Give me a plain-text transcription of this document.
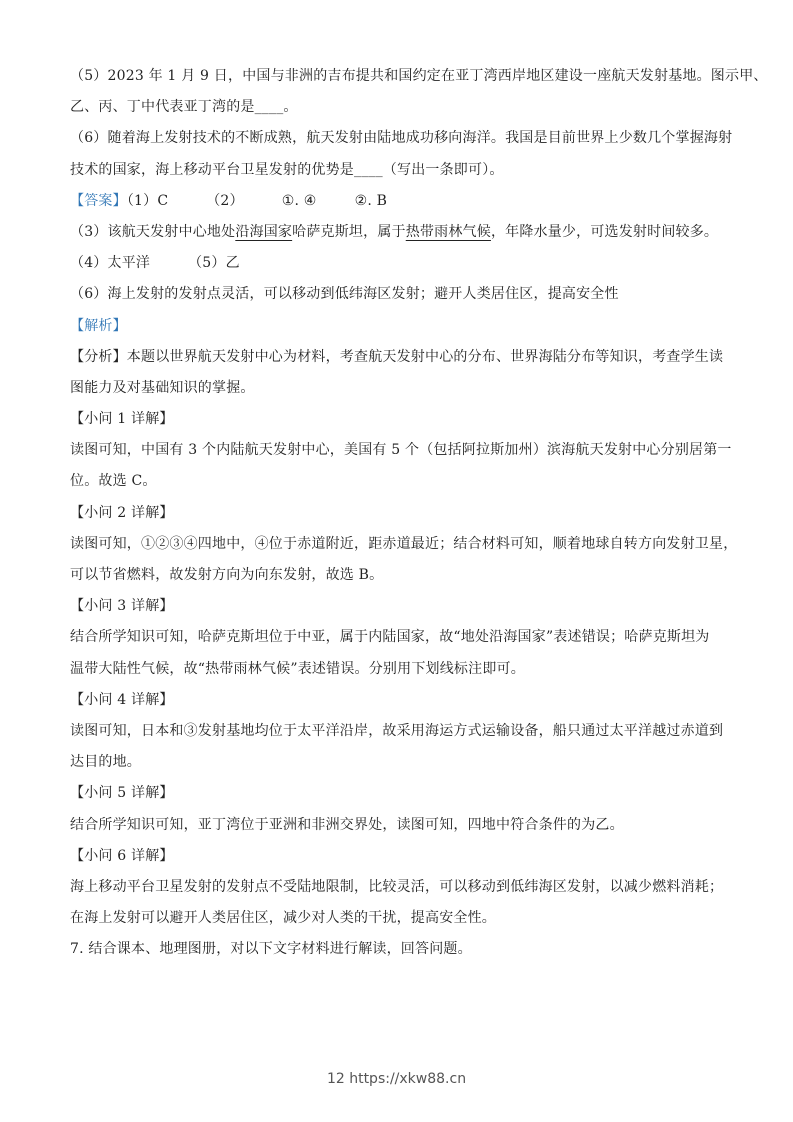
（5）2023 年 1 月 9 日，中国与非洲的吉布提共和国约定在亚丁湾西岸地区建设一座航天发射基地。图示甲、
乙、丙、丁中代表亚丁湾的是____。
（6）随着海上发射技术的不断成熟，航天发射由陆地成功移向海洋。我国是目前世界上少数几个掌握海射
技术的国家，海上移动平台卫星发射的优势是____（写出一条即可）。
【答案】（1）C	（2）	①. ④	②. B
（3）该航天发射中心地处沿海国家哈萨克斯坦，属于热带雨林气候，年降水量少，可选发射时间较多。
（4）太平洋	（5）乙
（6）海上发射的发射点灵活，可以移动到低纬海区发射；避开人类居住区，提高安全性
【解析】
【分析】本题以世界航天发射中心为材料，考查航天发射中心的分布、世界海陆分布等知识，考查学生读
图能力及对基础知识的掌握。
【小问 1 详解】
读图可知，中国有 3 个内陆航天发射中心，美国有 5 个（包括阿拉斯加州）滨海航天发射中心分别居第一
位。故选 C。
【小问 2 详解】
读图可知，①②③④四地中，④位于赤道附近，距赤道最近；结合材料可知，顺着地球自转方向发射卫星，
可以节省燃料，故发射方向为向东发射，故选 B。
【小问 3 详解】
结合所学知识可知，哈萨克斯坦位于中亚，属于内陆国家，故“地处沿海国家”表述错误；哈萨克斯坦为
温带大陆性气候，故“热带雨林气候”表述错误。分别用下划线标注即可。
【小问 4 详解】
读图可知，日本和③发射基地均位于太平洋沿岸，故采用海运方式运输设备，船只通过太平洋越过赤道到
达目的地。
【小问 5 详解】
结合所学知识可知，亚丁湾位于亚洲和非洲交界处，读图可知，四地中符合条件的为乙。
【小问 6 详解】
海上移动平台卫星发射的发射点不受陆地限制，比较灵活，可以移动到低纬海区发射，以减少燃料消耗；
在海上发射可以避开人类居住区，减少对人类的干扰，提高安全性。
7. 结合课本、地理图册，对以下文字材料进行解读，回答问题。
12 https://xkw88.cn
